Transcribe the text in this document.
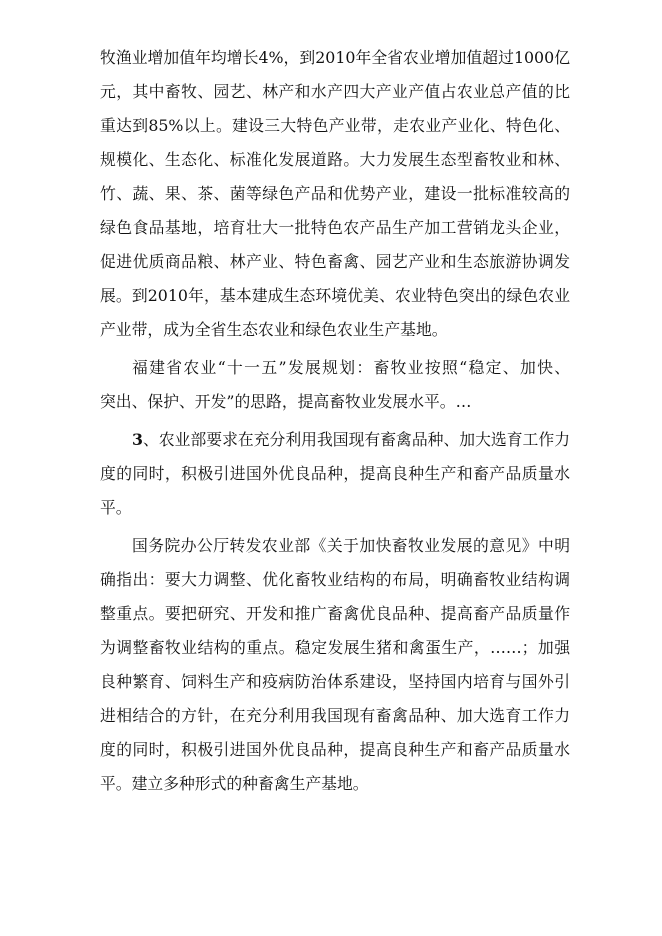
牧渔业增加值年均增长4%，到2010年全省农业增加值超过1000亿
元，其中畜牧、园艺、林产和水产四大产业产值占农业总产值的比
重达到85%以上。建设三大特色产业带，走农业产业化、特色化、
规模化、生态化、标准化发展道路。大力发展生态型畜牧业和林、
竹、蔬、果、茶、菌等绿色产品和优势产业，建设一批标准较高的
绿色食品基地，培育壮大一批特色农产品生产加工营销龙头企业，
促进优质商品粮、林产业、特色畜禽、园艺产业和生态旅游协调发
展。到2010年，基本建成生态环境优美、农业特色突出的绿色农业
产业带，成为全省生态农业和绿色农业生产基地。
福建省农业“十一五”发展规划：畜牧业按照“稳定、加快、
突出、保护、开发”的思路，提高畜牧业发展水平。…
3、农业部要求在充分利用我国现有畜禽品种、加大选育工作力
度的同时，积极引进国外优良品种，提高良种生产和畜产品质量水
平。
国务院办公厅转发农业部《关于加快畜牧业发展的意见》中明
确指出：要大力调整、优化畜牧业结构的布局，明确畜牧业结构调
整重点。要把研究、开发和推广畜禽优良品种、提高畜产品质量作
为调整畜牧业结构的重点。稳定发展生猪和禽蛋生产，……；加强
良种繁育、饲料生产和疫病防治体系建设，坚持国内培育与国外引
进相结合的方针，在充分利用我国现有畜禽品种、加大选育工作力
度的同时，积极引进国外优良品种，提高良种生产和畜产品质量水
平。建立多种形式的种畜禽生产基地。
